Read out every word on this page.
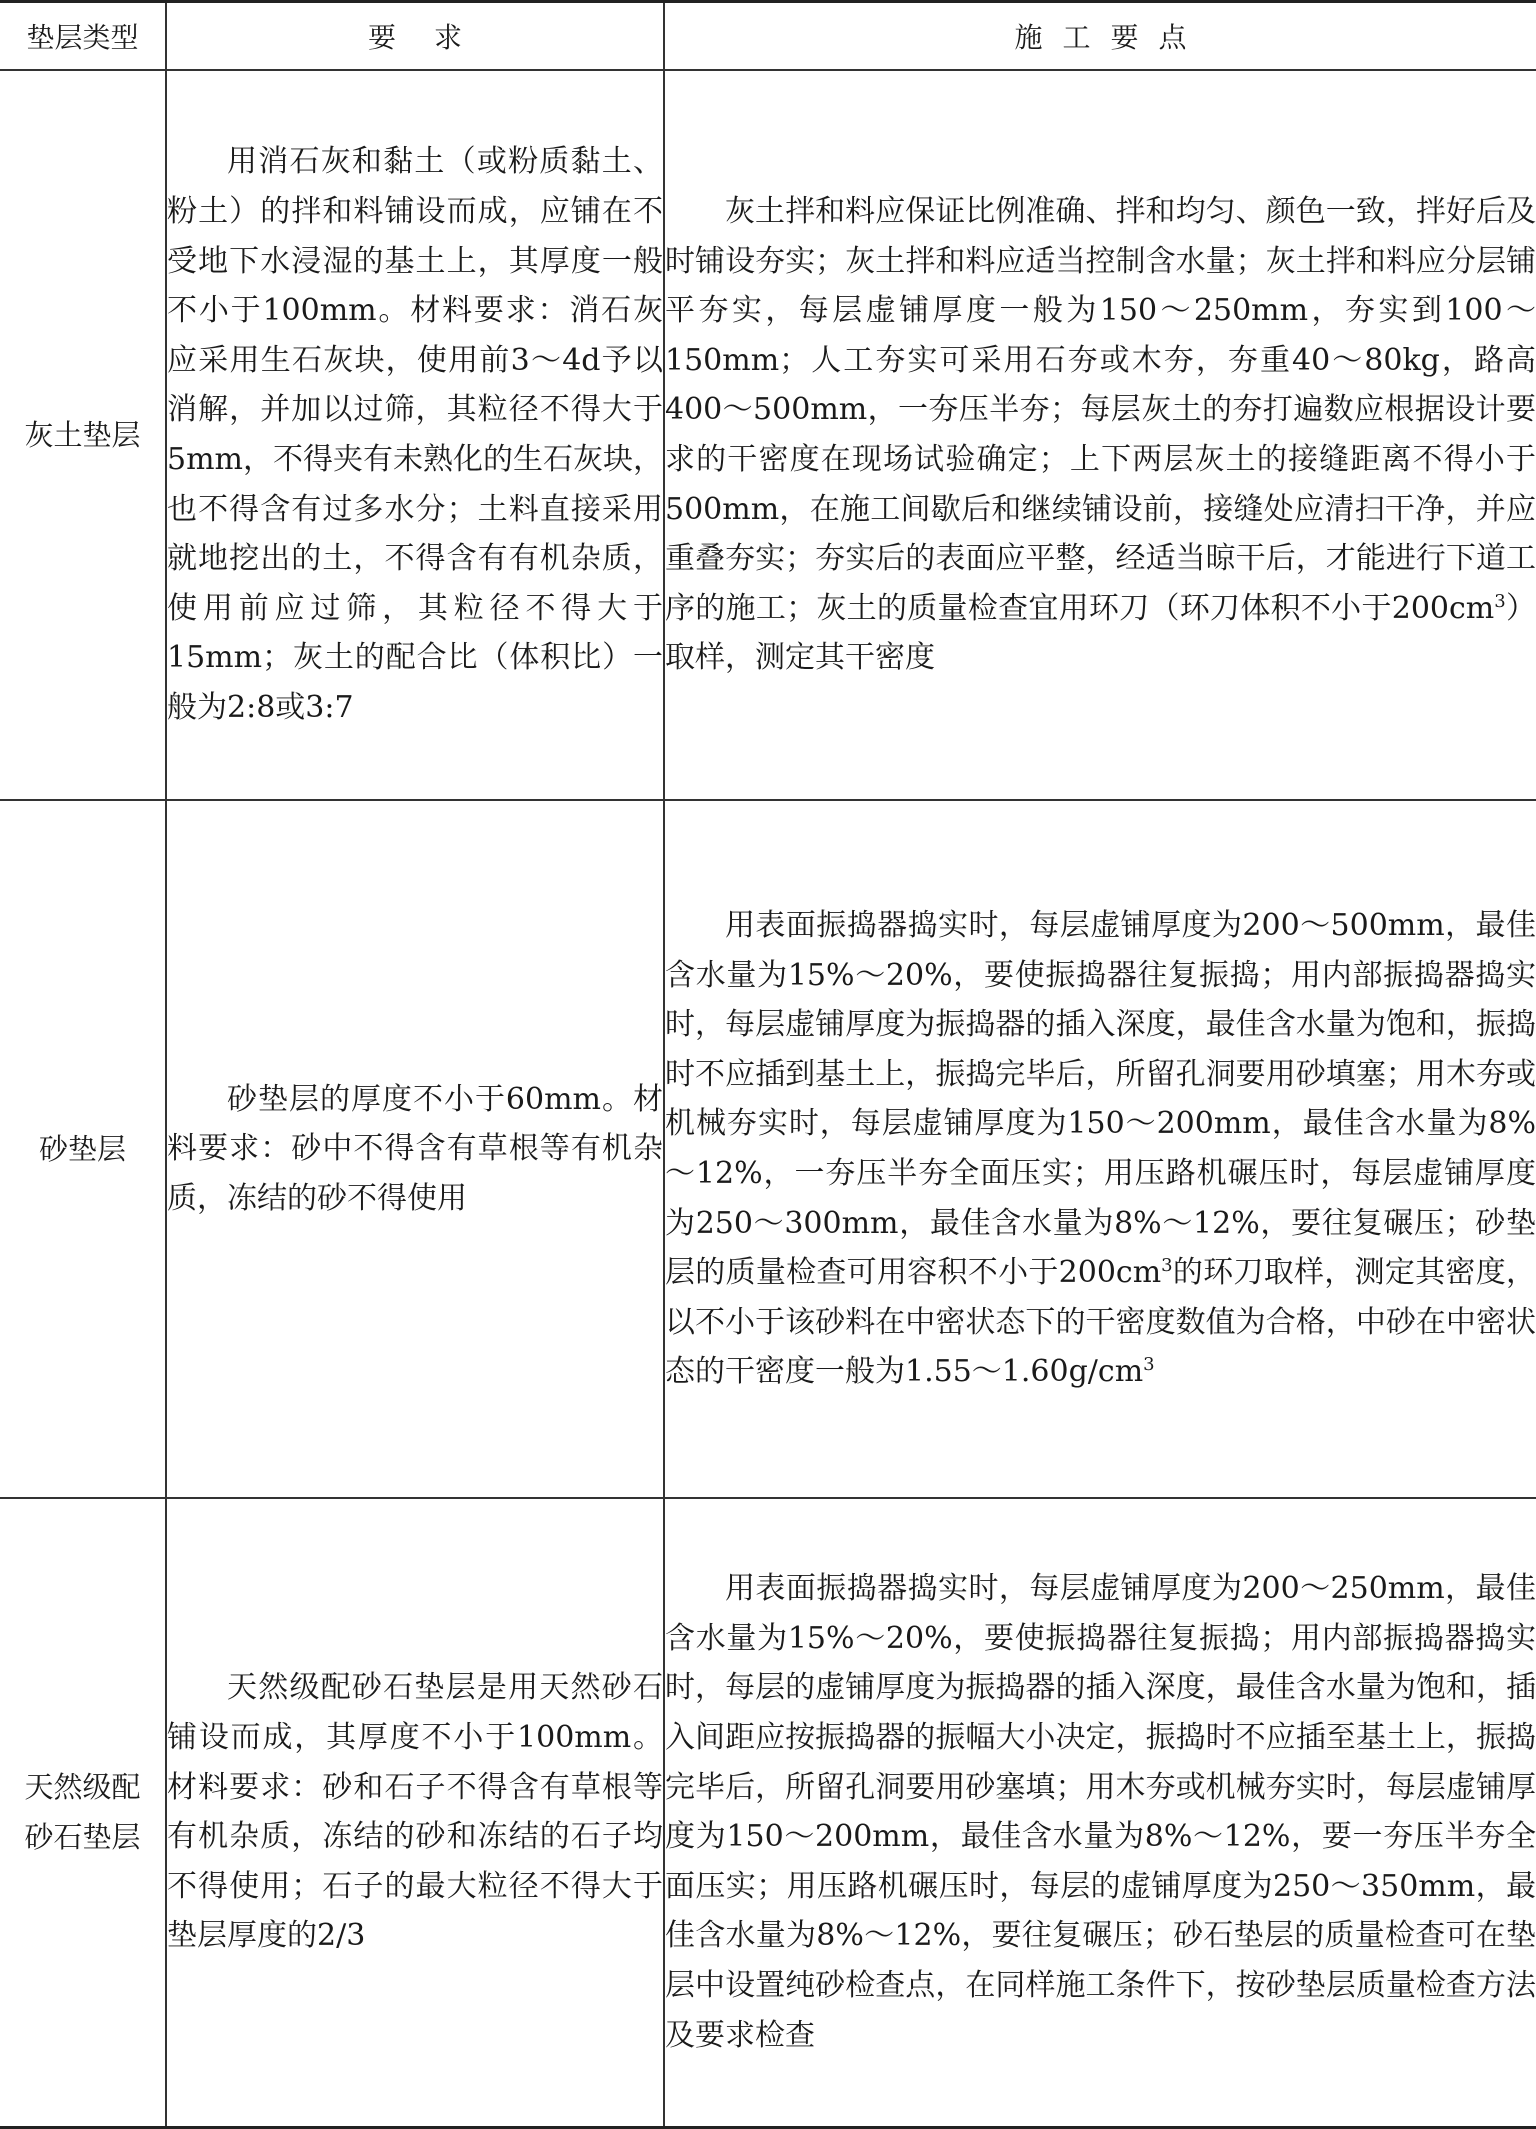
垫层类型	要求	施工要点
灰土垫层	用消石灰和黏土（或粉质黏土、粉土）的拌和料铺设而成，应铺在不受地下水浸湿的基土上，其厚度一般不小于100mm。材料要求：消石灰应采用生石灰块，使用前3～4d予以消解，并加以过筛，其粒径不得大于5mm，不得夹有未熟化的生石灰块，也不得含有过多水分；土料直接采用就地挖出的土，不得含有有机杂质，使用前应过筛，其粒径不得大于15mm；灰土的配合比（体积比）一般为2:8或3:7	灰土拌和料应保证比例准确、拌和均匀、颜色一致，拌好后及时铺设夯实；灰土拌和料应适当控制含水量；灰土拌和料应分层铺平夯实，每层虚铺厚度一般为150～250mm，夯实到100～150mm；人工夯实可采用石夯或木夯，夯重40～80kg，路高400～500mm，一夯压半夯；每层灰土的夯打遍数应根据设计要求的干密度在现场试验确定；上下两层灰土的接缝距离不得小于500mm，在施工间歇后和继续铺设前，接缝处应清扫干净，并应重叠夯实；夯实后的表面应平整，经适当晾干后，才能进行下道工序的施工；灰土的质量检查宜用环刀（环刀体积不小于$200cm^3$）取样，测定其干密度

砂垫层	砂垫层的厚度不小于60mm。材料要求：砂中不得含有草根等有机杂质，冻结的砂不得使用	用表面振捣器捣实时，每层虚铺厚度为200～500mm，最佳含水量为15%～20%，要使振捣器往复振捣；用内部振捣器捣实时，每层虚铺厚度为振捣器的插入深度，最佳含水量为饱和，振捣时不应插到基土上，振捣完毕后，所留孔洞要用砂填塞；用木夯或机械夯实时，每层虚铺厚度为150～200mm，最佳含水量为8%～12%，一夯压半夯全面压实；用压路机碾压时，每层虚铺厚度为250～300mm，最佳含水量为8%～12%，要往复碾压；砂垫层的质量检查可用容积不小于$200cm^3$的环刀取样，测定其密度，以不小于该砂料在中密状态下的干密度数值为合格，中砂在中密状态的干密度一般为$1.55\sim 1.60g/cm^3$

天然级配
砂石垫层	天然级配砂石垫层是用天然砂石铺设而成，其厚度不小于100mm。材料要求：砂和石子不得含有草根等有机杂质，冻结的砂和冻结的石子均不得使用；石子的最大粒径不得大于垫层厚度的2/3	用表面振捣器捣实时，每层虚铺厚度为200～250mm，最佳含水量为15%～20%，要使振捣器往复振捣；用内部振捣器捣实时，每层的虚铺厚度为振捣器的插入深度，最佳含水量为饱和，插入间距应按振捣器的振幅大小决定，振捣时不应插至基土上，振捣完毕后，所留孔洞要用砂塞填；用木夯或机械夯实时，每层虚铺厚度为150～200mm，最佳含水量为8%～12%，要一夯压半夯全面压实；用压路机碾压时，每层的虚铺厚度为250～350mm，最佳含水量为8%～12%，要往复碾压；砂石垫层的质量检查可在垫层中设置纯砂检查点，在同样施工条件下，按砂垫层质量检查方法及要求检查
